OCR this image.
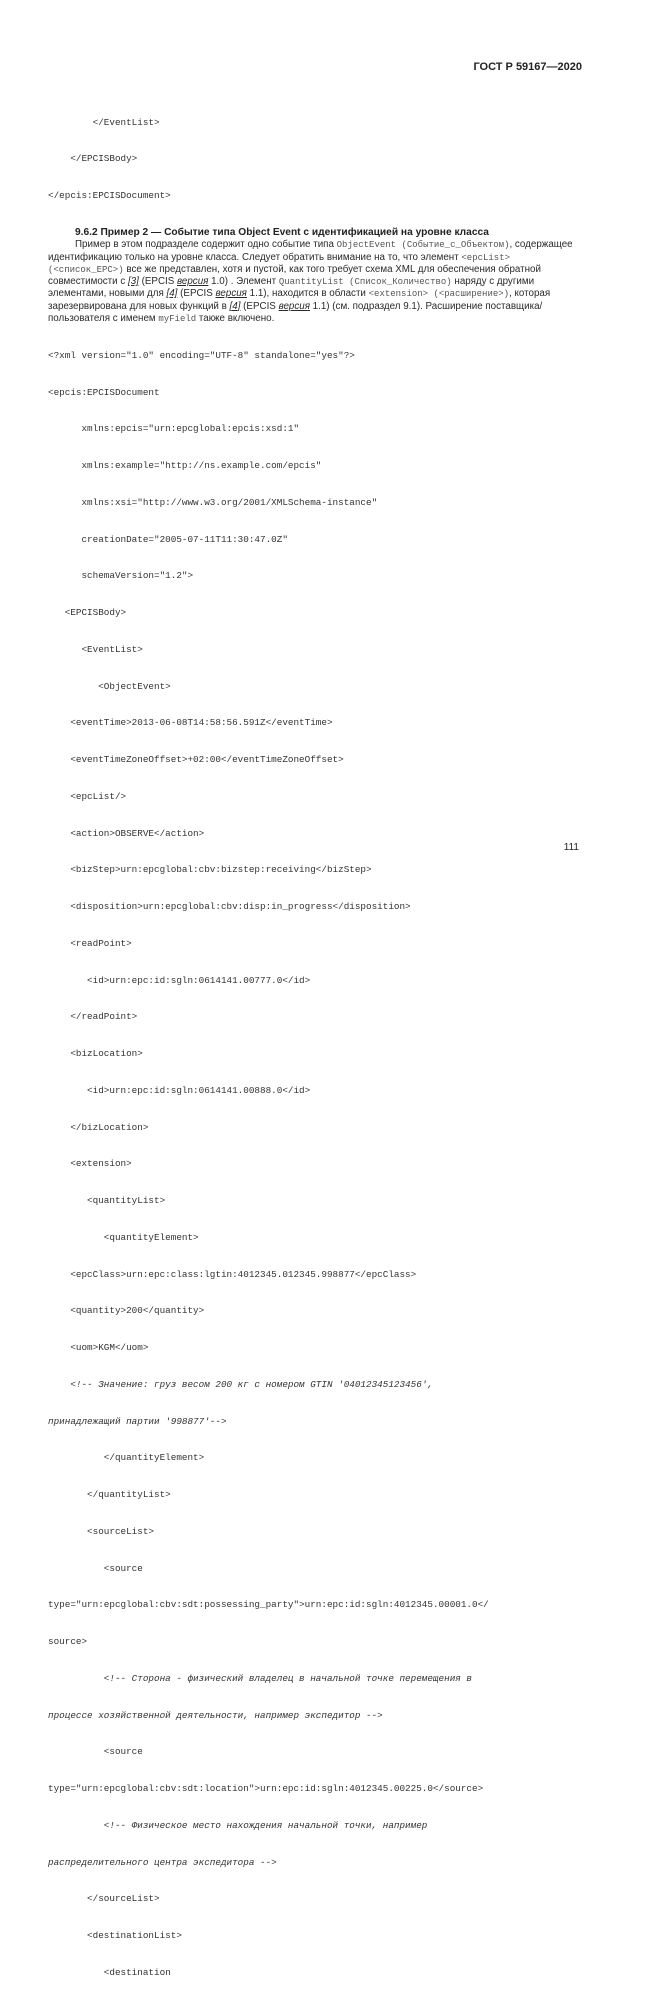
ГОСТ Р 59167—2020

</EventList>

</EPCISBody>

</epcis:EPCISDocument>

9.6.2 Пример 2 — Событие типа Object Event с идентификацией на уровне класса
Пример в этом подразделе содержит одно событие типа ObjectEvent (Событие_с_Объектом), содержащее идентификацию только на уровне класса. Следует обратить внимание на то, что элемент <epcList> (<список_EPC>) все же представлен, хотя и пустой, как того требует схема XML для обеспечения обратной совместимости с [3] (EPCIS версия 1.0) . Элемент QuantityList (Список_Количество) наряду с другими элементами, новыми для [4] (EPCIS версия 1.1), находится в области <extension> (<расширение>), которая зарезервирована для новых функций в [4] (EPCIS версия 1.1) (см. подраздел 9.1). Расширение поставщика/пользователя с именем myField также включено.

<?xml version="1.0" encoding="UTF-8" standalone="yes"?>

<epcis:EPCISDocument

xmlns:epcis="urn:epcglobal:epcis:xsd:1"

xmlns:example="http://ns.example.com/epcis"

xmlns:xsi="http://www.w3.org/2001/XMLSchema-instance"

creationDate="2005-07-11T11:30:47.0Z"

schemaVersion="1.2">

<EPCISBody>

<EventList>

<ObjectEvent>

<eventTime>2013-06-08T14:58:56.591Z</eventTime>

<eventTimeZoneOffset>+02:00</eventTimeZoneOffset>

<epcList/>

<action>OBSERVE</action>

<bizStep>urn:epcglobal:cbv:bizstep:receiving</bizStep>

<disposition>urn:epcglobal:cbv:disp:in_progress</disposition>

<readPoint>

<id>urn:epc:id:sgln:0614141.00777.0</id>

</readPoint>

<bizLocation>

<id>urn:epc:id:sgln:0614141.00888.0</id>

</bizLocation>

<extension>

<quantityList>

<quantityElement>

<epcClass>urn:epc:class:lgtin:4012345.012345.998877</epcClass>

<quantity>200</quantity>

<uom>KGM</uom>

<!-- Значение: груз весом 200 кг с номером GTIN '04012345123456',

принадлежащий партии '998877'-->

</quantityElement>

</quantityList>

<sourceList>

<source

type="urn:epcglobal:cbv:sdt:possessing_party">urn:epc:id:sgln:4012345.00001.0</

source>

<!-- Сторона - физический владелец в начальной точке перемещения в

процессе хозяйственной деятельности, например экспедитор -->

<source

type="urn:epcglobal:cbv:sdt:location">urn:epc:id:sgln:4012345.00225.0</source>

<!-- Физическое место нахождения начальной точки, например

распределительного центра экспедитора -->

</sourceList>

<destinationList>

<destination

111
